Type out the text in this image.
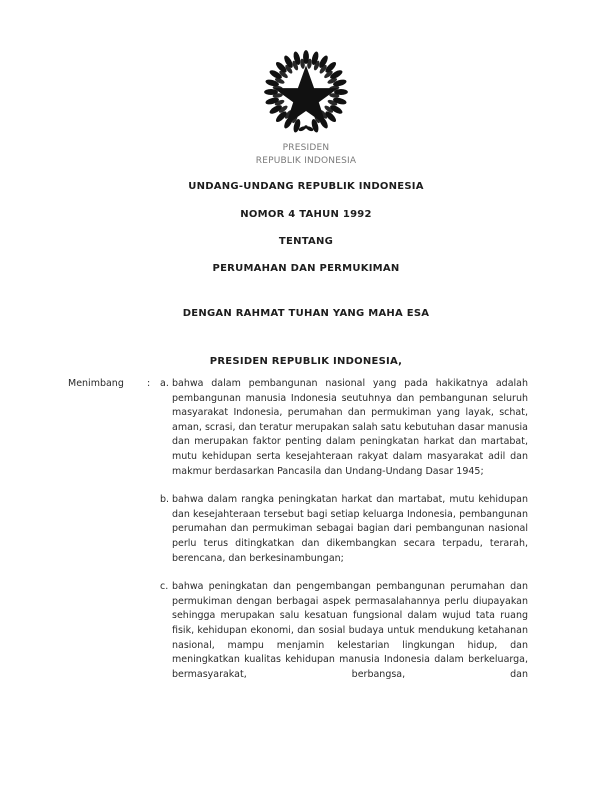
PRESIDEN
REPUBLIK INDONESIA
UNDANG-UNDANG REPUBLIK INDONESIA
NOMOR 4 TAHUN 1992
TENTANG
PERUMAHAN DAN PERMUKIMAN
DENGAN RAHMAT TUHAN YANG MAHA ESA
PRESIDEN REPUBLIK INDONESIA,
Menimbang : a. bahwa dalam pembangunan nasional yang pada hakikatnya adalah pembangunan manusia Indonesia seutuhnya dan pembangunan seluruh masyarakat Indonesia, perumahan dan permukiman yang layak, schat, aman, scrasi, dan teratur merupakan salah satu kebutuhan dasar manusia dan merupakan faktor penting dalam peningkatan harkat dan martabat, mutu kehidupan serta kesejahteraan rakyat dalam masyarakat adil dan makmur berdasarkan Pancasila dan Undang-Undang Dasar 1945;
b. bahwa dalam rangka peningkatan harkat dan martabat, mutu kehidupan dan kesejahteraan tersebut bagi setiap keluarga Indonesia, pembangunan perumahan dan permukiman sebagai bagian dari pembangunan nasional perlu terus ditingkatkan dan dikembangkan secara terpadu, terarah, berencana, dan berkesinambungan;
c. bahwa peningkatan dan pengembangan pembangunan perumahan dan permukiman dengan berbagai aspek permasalahannya perlu diupayakan sehingga merupakan salu kesatuan fungsional dalam wujud tata ruang fisik, kehidupan ekonomi, dan sosial budaya untuk mendukung ketahanan nasional, mampu menjamin kelestarian lingkungan hidup, dan meningkatkan kualitas kehidupan manusia Indonesia dalam berkeluarga, bermasyarakat, berbangsa, dan
